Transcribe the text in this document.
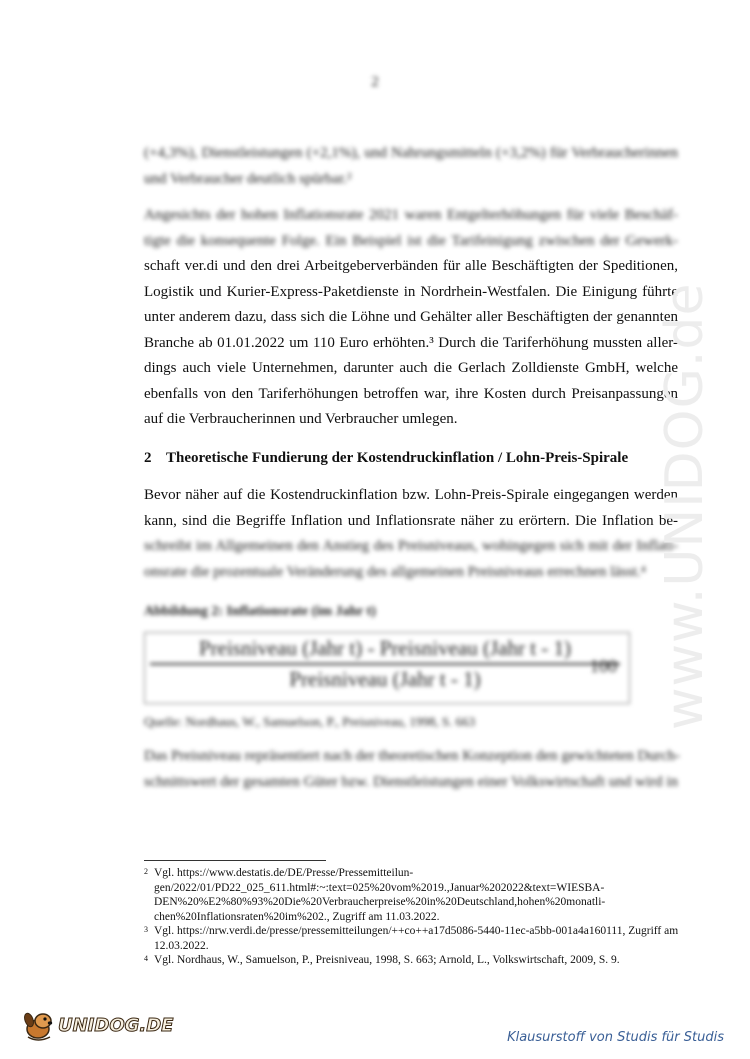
2
(+4,3%), Dienstleistungen (+2,1%), und Nahrungsmitteln (+3,2%) für Verbraucherinnen
und Verbraucher deutlich spürbar.²
Angesichts der hohen Inflationsrate 2021 waren Entgelterhöhungen für viele Beschäf-
tigte die konsequente Folge. Ein Beispiel ist die Tarifeinigung zwischen der Gewerk-
schaft ver.di und den drei Arbeitgeberverbänden für alle Beschäftigten der Speditionen,
Logistik und Kurier-Express-Paketdienste in Nordrhein-Westfalen. Die Einigung führte
unter anderem dazu, dass sich die Löhne und Gehälter aller Beschäftigten der genannten
Branche ab 01.01.2022 um 110 Euro erhöhten.³ Durch die Tariferhöhung mussten aller-
dings auch viele Unternehmen, darunter auch die Gerlach Zolldienste GmbH, welche
ebenfalls von den Tariferhöhungen betroffen war, ihre Kosten durch Preisanpassungen
auf die Verbraucherinnen und Verbraucher umlegen.
2 Theoretische Fundierung der Kostendruckinflation / Lohn-Preis-Spirale
Bevor näher auf die Kostendruckinflation bzw. Lohn-Preis-Spirale eingegangen werden
kann, sind die Begriffe Inflation und Inflationsrate näher zu erörtern. Die Inflation be-
schreibt im Allgemeinen den Anstieg des Preisniveaus, wohingegen sich mit der Inflati-
onsrate die prozentuale Veränderung des allgemeinen Preisniveaus errechnen lässt.⁴
Abbildung 2: Inflationsrate (im Jahr t)
Preisniveau (Jahr t) - Preisniveau (Jahr t - 1)
Preisniveau (Jahr t - 1)
100
Quelle: Nordhaus, W., Samuelson, P., Preisniveau, 1998, S. 663
Das Preisniveau repräsentiert nach der theoretischen Konzeption den gewichteten Durch-
schnittswert der gesamten Güter bzw. Dienstleistungen einer Volkswirtschaft und wird in
2 Vgl. https://www.destatis.de/DE/Presse/Pressemitteilun-gen/2022/01/PD22_025_611.html#:~:text=025%20vom%2019.,Januar%202022&text=WIESBA-DEN%20%E2%80%93%20Die%20Verbraucherpreise%20in%20Deutschland,hohen%20monatli-chen%20Inflationsraten%20im%202., Zugriff am 11.03.2022.
3 Vgl. https://nrw.verdi.de/presse/pressemitteilungen/++co++a17d5086-5440-11ec-a5bb-001a4a160111, Zugriff am 12.03.2022.
4 Vgl. Nordhaus, W., Samuelson, P., Preisniveau, 1998, S. 663; Arnold, L., Volkswirtschaft, 2009, S. 9.
www.UNIDOG.de
UNIDOG.DE
Klausurstoff von Studis für Studis
